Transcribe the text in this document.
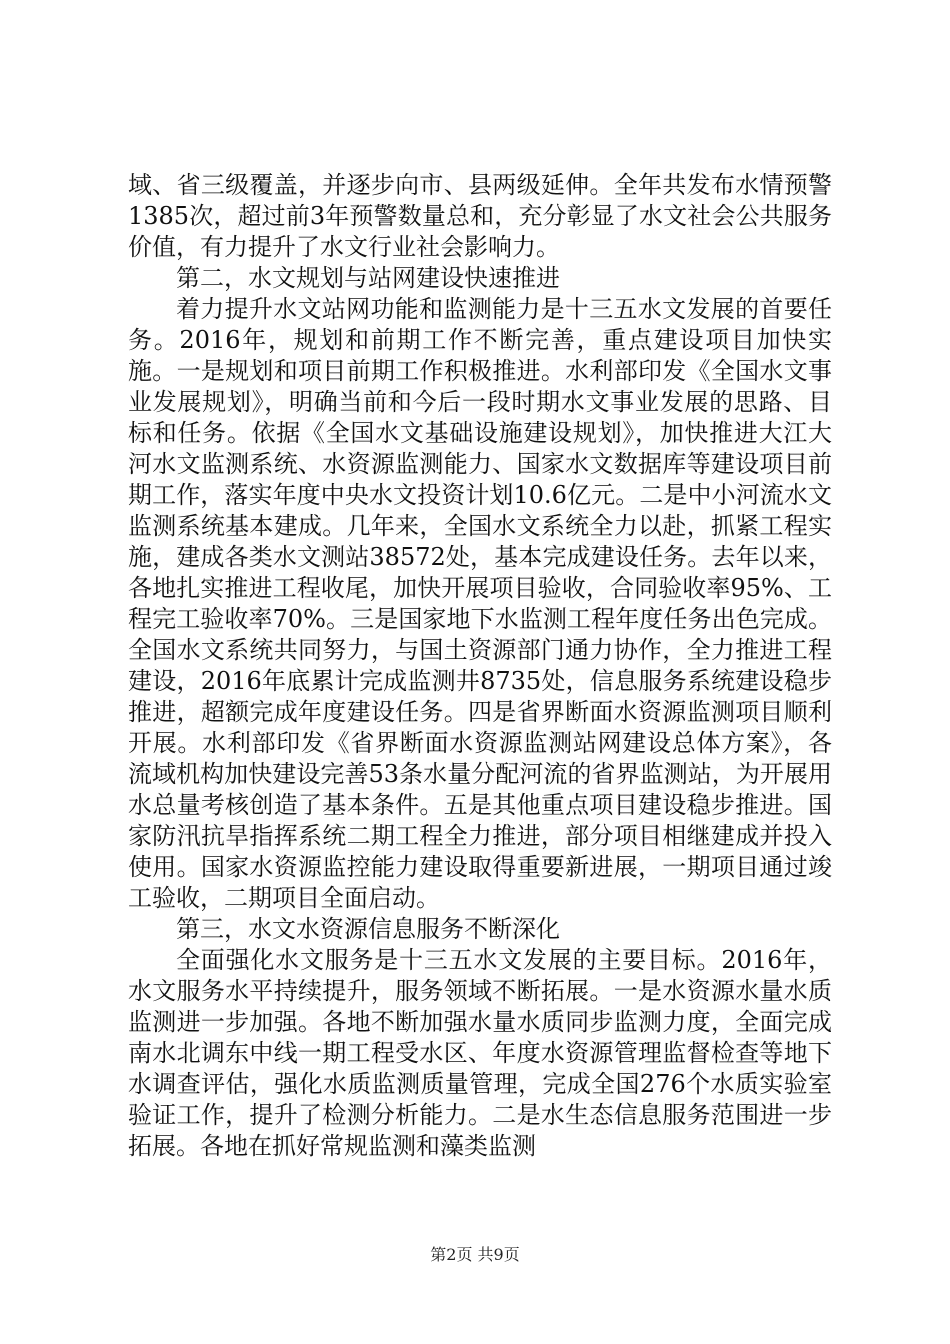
域、省三级覆盖，并逐步向市、县两级延伸。全年共发布水情预警1385次，超过前3年预警数量总和，充分彰显了水文社会公共服务价值，有力提升了水文行业社会影响力。

第二，水文规划与站网建设快速推进

着力提升水文站网功能和监测能力是十三五水文发展的首要任务。2016年，规划和前期工作不断完善，重点建设项目加快实施。一是规划和项目前期工作积极推进。水利部印发《全国水文事业发展规划》，明确当前和今后一段时期水文事业发展的思路、目标和任务。依据《全国水文基础设施建设规划》，加快推进大江大河水文监测系统、水资源监测能力、国家水文数据库等建设项目前期工作，落实年度中央水文投资计划10.6亿元。二是中小河流水文监测系统基本建成。几年来，全国水文系统全力以赴，抓紧工程实施，建成各类水文测站38572处，基本完成建设任务。去年以来，各地扎实推进工程收尾，加快开展项目验收，合同验收率95%、工程完工验收率70%。三是国家地下水监测工程年度任务出色完成。全国水文系统共同努力，与国土资源部门通力协作，全力推进工程建设，2016年底累计完成监测井8735处，信息服务系统建设稳步推进，超额完成年度建设任务。四是省界断面水资源监测项目顺利开展。水利部印发《省界断面水资源监测站网建设总体方案》，各流域机构加快建设完善53条水量分配河流的省界监测站，为开展用水总量考核创造了基本条件。五是其他重点项目建设稳步推进。国家防汛抗旱指挥系统二期工程全力推进，部分项目相继建成并投入使用。国家水资源监控能力建设取得重要新进展，一期项目通过竣工验收，二期项目全面启动。

第三，水文水资源信息服务不断深化

全面强化水文服务是十三五水文发展的主要目标。2016年，水文服务水平持续提升，服务领域不断拓展。一是水资源水量水质监测进一步加强。各地不断加强水量水质同步监测力度，全面完成南水北调东中线一期工程受水区、年度水资源管理监督检查等地下水调查评估，强化水质监测质量管理，完成全国276个水质实验室验证工作，提升了检测分析能力。二是水生态信息服务范围进一步拓展。各地在抓好常规监测和藻类监测

第2页 共9页
